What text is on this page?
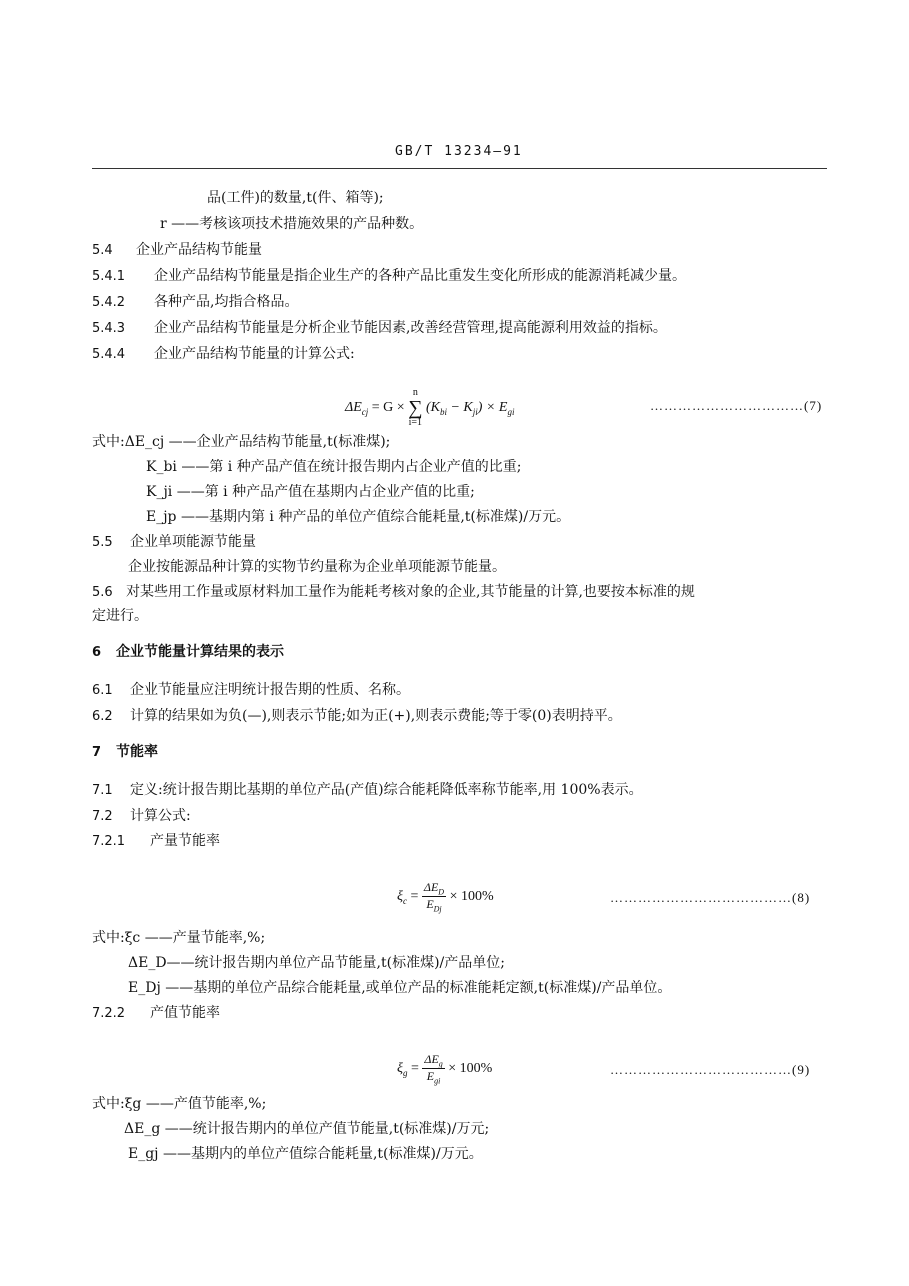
GB/T 13234—91
品(工件)的数量,t(件、箱等);
r ——考核该项技术措施效果的产品种数。
5.4 企业产品结构节能量
5.4.1 企业产品结构节能量是指企业生产的各种产品比重发生变化所形成的能源消耗减少量。
5.4.2 各种产品,均指合格品。
5.4.3 企业产品结构节能量是分析企业节能因素,改善经营管理,提高能源利用效益的指标。
5.4.4 企业产品结构节能量的计算公式:
$\Delta E_{cj} = G \times n$
∑
i=1 $(K_{bi} - K_{ji}) \times E_{gi}$	……………………………(7)
式中:ΔE_cj ——企业产品结构节能量,t(标准煤);
K_bi ——第 i 种产品产值在统计报告期内占企业产值的比重;
K_ji ——第 i 种产品产值在基期内占企业产值的比重;
E_jp ——基期内第 i 种产品的单位产值综合能耗量,t(标准煤)/万元。
5.5 企业单项能源节能量
企业按能源品种计算的实物节约量称为企业单项能源节能量。
5.6 对某些用工作量或原材料加工量作为能耗考核对象的企业,其节能量的计算,也要按本标准的规
定进行。
6 企业节能量计算结果的表示
6.1 企业节能量应注明统计报告期的性质、名称。
6.2 计算的结果如为负(—),则表示节能;如为正(+),则表示费能;等于零(0)表明持平。
7 节能率
7.1 定义:统计报告期比基期的单位产品(产值)综合能耗降低率称节能率,用 100%表示。
7.2 计算公式:
7.2.1 产量节能率
$\xi_c = \frac{\Delta E_D}{E_{Dj}} \times 100\%$	…………………………………(8)
式中:ξc ——产量节能率,%;
ΔE_D——统计报告期内单位产品节能量,t(标准煤)/产品单位;
E_Dj ——基期的单位产品综合能耗量,或单位产品的标准能耗定额,t(标准煤)/产品单位。
7.2.2 产值节能率
$\xi_g = \frac{\Delta E_g}{E_{gi}} \times 100\%$	…………………………………(9)
式中:ξg ——产值节能率,%;
ΔE_g ——统计报告期内的单位产值节能量,t(标准煤)/万元;
E_gj ——基期内的单位产值综合能耗量,t(标准煤)/万元。
